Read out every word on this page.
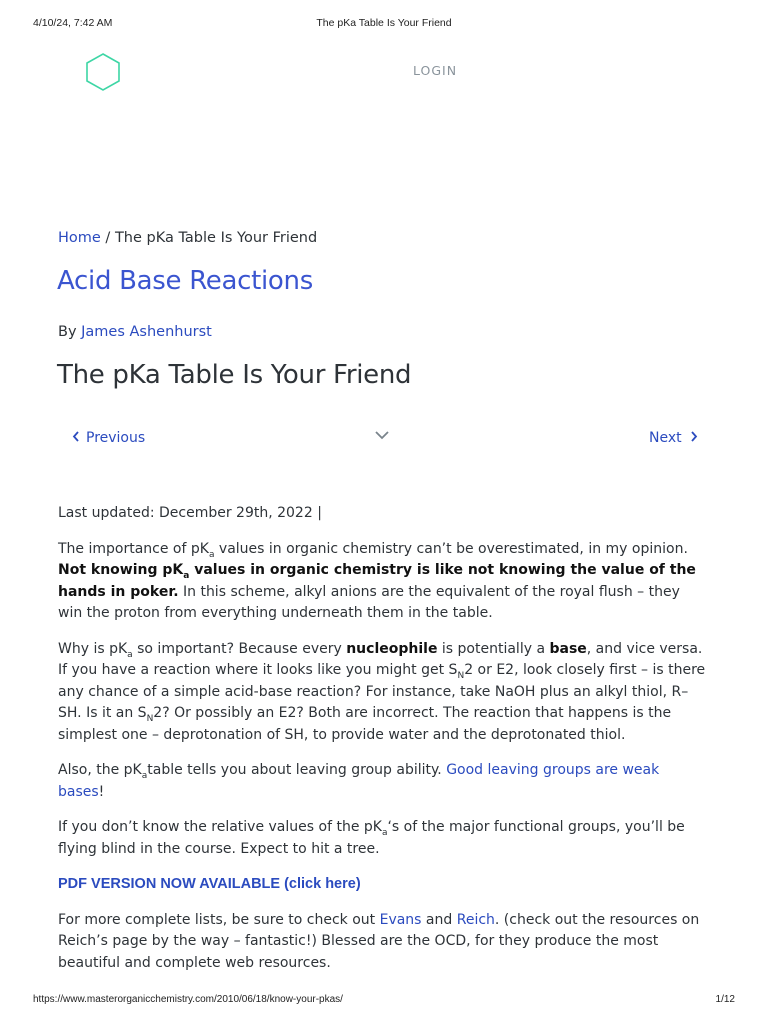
4/10/24, 7:42 AM	The pKa Table Is Your Friend
LOGIN
Home / The pKa Table Is Your Friend
Acid Base Reactions
By James Ashenhurst
The pKa Table Is Your Friend
Previous	Next

Last updated: December 29th, 2022 |

The importance of $pK_a$ values in organic chemistry can’t be overestimated, in my opinion. Not knowing $pK_a$ values in organic chemistry is like not knowing the value of the hands in poker. In this scheme, alkyl anions are the equivalent of the royal flush – they win the proton from everything underneath them in the table.

Why is $pK_a$ so important? Because every nucleophile is potentially a base, and vice versa. If you have a reaction where it looks like you might get $S_N2$ or E2, look closely first – is there any chance of a simple acid-base reaction? For instance, take NaOH plus an alkyl thiol, R–SH. Is it an $S_N2$? Or possibly an E2? Both are incorrect. The reaction that happens is the simplest one – deprotonation of SH, to provide water and the deprotonated thiol.

Also, the $pK_atable$ tells you about leaving group ability. Good leaving groups are weak bases!

If you don’t know the relative values of the $pK_a‘s$ of the major functional groups, you’ll be flying blind in the course. Expect to hit a tree.

PDF VERSION NOW AVAILABLE (click here)

For more complete lists, be sure to check out Evans and Reich. (check out the resources on Reich’s page by the way – fantastic!) Blessed are the OCD, for they produce the most beautiful and complete web resources.

https://www.masterorganicchemistry.com/2010/06/18/know-your-pkas/	1/12
